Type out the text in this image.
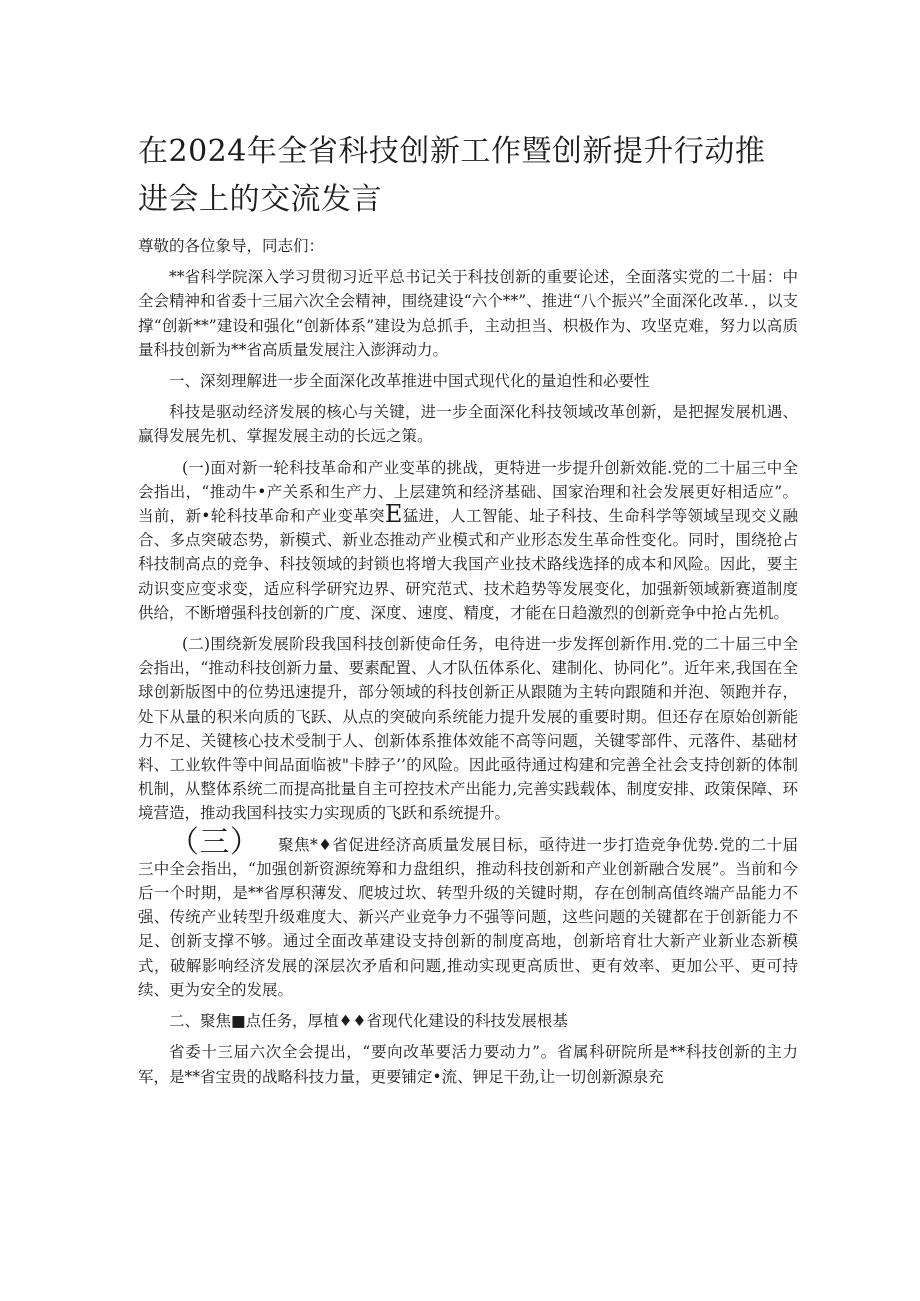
在2024年全省科技创新工作暨创新提升行动推进会上的交流发言

尊敬的各位象导，同志们：

**省科学院深入学习贯彻习近平总书记关于科技创新的重要论述，全面落实党的二十届：中全会精神和省委十三届六次全会精神，围绕建设“六个**”、推进“八个振兴”全面深化改革．，以支撑“创新**”建设和强化“创新体系”建设为总抓手，主动担当、枳极作为、攻坚克难，努力以高质量科技创新为**省高质量发展注入澎湃动力。

一、深刻理解进一步全面深化改革推进中国式现代化的量迫性和必要性

科技是驱动经济发展的核心与关键，进一步全面深化科技领域改革创新，是把握发展机遇、赢得发展先机、掌握发展主动的长远之策。

(一)面对新一轮科技革命和产业变革的挑战，更特进一步提升创新效能.党的二十届三中全会指出，“推动牛•产关系和生产力、上层建筑和经济基础、国家治理和社会发展更好相适应”。当前，新•轮科技革命和产业变革突E猛进，人工智能、址子科技、生命科学等领域呈现交义融合、多点突破态势，新模式、新业态推动产业模式和产业形态发生革命性变化。同时，围绕抢占科技制高点的竞争、科技领域的封锁也将增大我国产业技术路线选择的成本和风险。因此，要主动识变应变求变，适应科学研究边界、研究范式、技术趋势等发展变化，加强新领域新赛道制度供给，不断增强科技创新的广度、深度、速度、精度，才能在日趋激烈的创新竞争中抢占先机。

(二)围绕新发展阶段我国科技创新使命任务，电待进一步发挥创新作用.党的二十届三中全会指出，“推动科技创新力量、要素配置、人才队伍体系化、建制化、协同化”。近年来,我国在全球创新版图中的位势迅速提升，部分领域的科技创新正从跟随为主转向跟随和并泡、领跑并存，处下从量的积米向质的飞跃、从点的突破向系统能力提升发展的重要时期。但还存在原始创新能力不足、关键核心技术受制于人、创新体系推体效能不高等问题，关键零部件、元落件、基础材料、工业软件等中间品面临被"卡脖子’’的风险。因此亟待通过构建和完善全社会支持创新的体制机制，从整体系统二而提高批量自主可控技术产出能力,完善实践载体、制度安排、政策保障、环境营造，推动我国科技实力实现质的飞跃和系统提升。

（三） 聚焦*♦省促进经济高质量发展目标，亟待进一步打造竞争优势.党的二十届三中全会指出，“加强创新资源统筹和力盘组织，推动科技创新和产业创新融合发展”。当前和今后一个时期，是**省厚积薄发、爬坡过坎、转型升级的关键时期，存在创制高值终端产品能力不强、传统产业转型升级难度大、新兴产业竞争力不强等问题，这些问题的关键都在于创新能力不足、创新支撑不够。通过全面改革建设支持创新的制度高地，创新培育壮大新产业新业态新模式，破解影响经济发展的深层次矛盾和问题,推动实现更高质世、更有效率、更加公平、更可持续、更为安全的发展。

二、聚焦■点任务，厚植♦♦省现代化建设的科技发展根基

省委十三届六次全会提出，“要向改革要活力要动力”。省属科研院所是**科技创新的主力军，是**省宝贵的战略科技力量，更要铺定•流、钾足干劲,让一切创新源泉充
